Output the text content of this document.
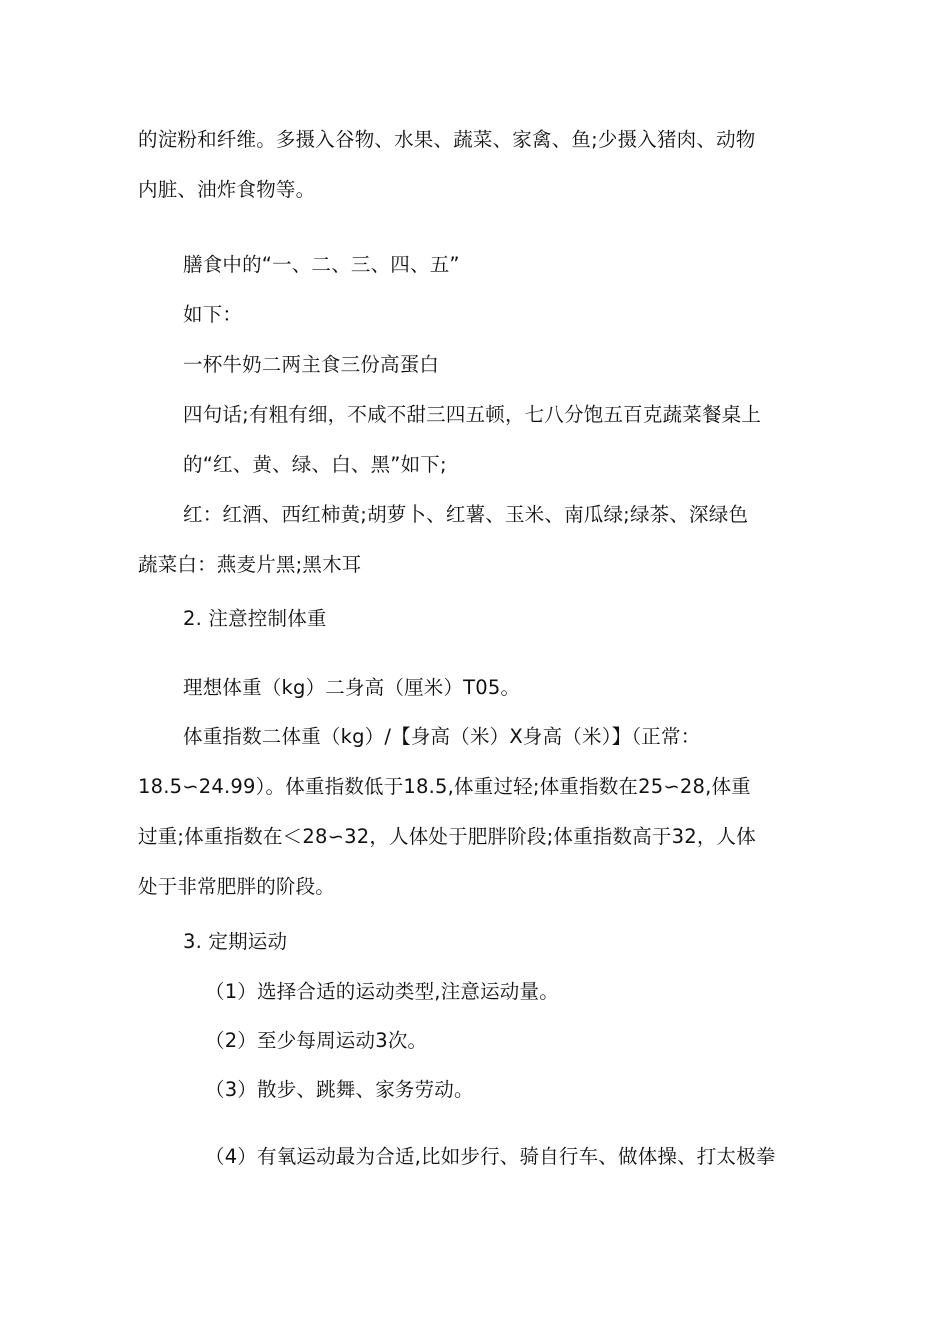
的淀粉和纤维。多摄入谷物、水果、蔬菜、家禽、鱼;少摄入猪肉、动物
内脏、油炸食物等。
膳食中的“一、二、三、四、五”
如下：
一杯牛奶二两主食三份高蛋白
四句话;有粗有细，不咸不甜三四五顿，七八分饱五百克蔬菜餐桌上
的“红、黄、绿、白、黑”如下;
红：红酒、西红柿黄;胡萝卜、红薯、玉米、南瓜绿;绿茶、深绿色
蔬菜白：燕麦片黑;黑木耳
2. 注意控制体重
理想体重（kg）二身高（厘米）T05。
体重指数二体重（kg）/【身高（米）X身高（米）】（正常：
18.5∽24.99）。体重指数低于18.5,体重过轻;体重指数在25∽28,体重
过重;体重指数在＜28∽32，人体处于肥胖阶段;体重指数高于32，人体
处于非常肥胖的阶段。
3. 定期运动
（1）选择合适的运动类型,注意运动量。
（2）至少每周运动3次。
（3）散步、跳舞、家务劳动。
（4）有氧运动最为合适,比如步行、骑自行车、做体操、打太极拳
